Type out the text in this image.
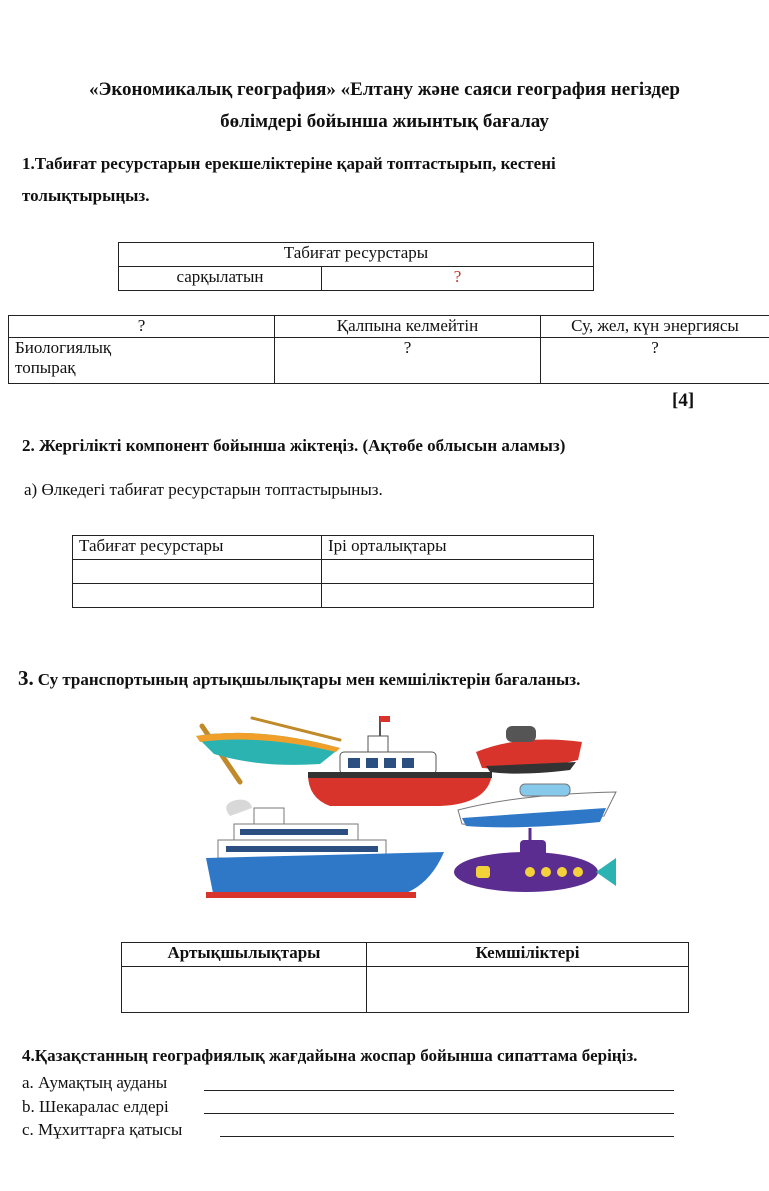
«Экономикалық география» «Елтану және саяси география негіздер
бөлімдері бойынша жиынтық бағалау
1.Табиғат ресурстарын ерекшеліктеріне қарай топтастырып, кестені
толықтырыңыз.
Табиғат ресурстары
сарқылатын	?
?	Қалпына келмейтін	Су, жел, күн энергиясы

Биологиялық
топырақ	?	?
[4]
2. Жергілікті компонент бойынша жіктеңіз. (Ақтөбе облысын аламыз)
а) Өлкедегі табиғат ресурстарын топтастырыныз.
Табиғат ресурстары	Ірі орталықтары

3. Су транспортының артықшылықтары мен кемшіліктерін бағаланыз.
Артықшылықтары	Кемшіліктері

4.Қазақстанның географиялық жағдайына жоспар бойынша сипаттама беріңіз.
a. Аумақтың ауданы
b. Шекаралас елдері
c. Мұхиттарға қатысы
